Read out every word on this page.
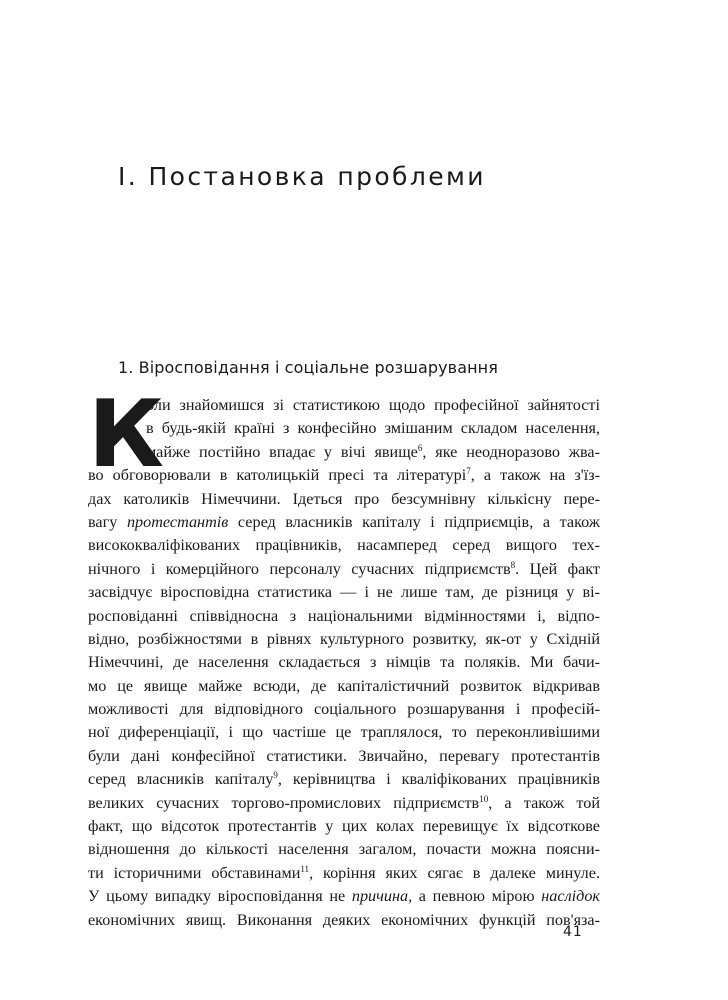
І. Постановка проблеми
1. Віросповідання і соціальне розшарування
К
оли знайомишся зі статистикою щодо професійної зайнятості
в будь-якій країні з конфесійно змішаним складом населення,
майже постійно впадає у вічі явище$^6$, яке неодноразово жва-
во обговорювали в католицькій пресі та літературі$^7$, а також на з'їз-
дах католиків Німеччини. Ідеться про безсумнівну кількісну пере-
вагу протестантів серед власників капіталу і підприємців, а також
висококваліфікованих працівників, насамперед серед вищого тех-
нічного і комерційного персоналу сучасних підприємств$^8$. Цей факт
засвідчує віросповідна статистика — і не лише там, де різниця у ві-
росповіданні співвідносна з національними відмінностями і, відпо-
відно, розбіжностями в рівнях культурного розвитку, як-от у Східній
Німеччині, де населення складається з німців та поляків. Ми бачи-
мо це явище майже всюди, де капіталістичний розвиток відкривав
можливості для відповідного соціального розшарування і професій-
ної диференціації, і що частіше це траплялося, то переконливішими
були дані конфесійної статистики. Звичайно, перевагу протестантів
серед власників капіталу$^9$, керівництва і кваліфікованих працівників
великих сучасних торгово-промислових підприємств$^{10}$, а також той
факт, що відсоток протестантів у цих колах перевищує їх відсоткове
відношення до кількості населення загалом, почасти можна поясни-
ти історичними обставинами$^{11}$, коріння яких сягає в далеке минуле.
У цьому випадку віросповідання не причина, а певною мірою наслідок
економічних явищ. Виконання деяких економічних функцій пов'яза-
41
